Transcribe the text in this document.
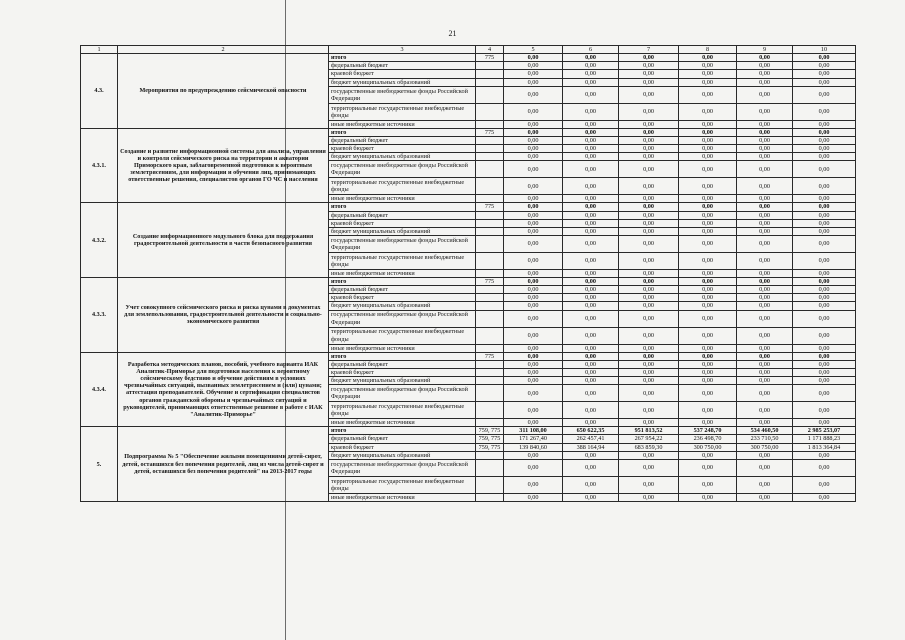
21
1	2	3	4	5	6	7	8	9	10
4.3.	Мероприятия по предупреждению сейсмической опасности	итого	775	0,00	0,00	0,00	0,00	0,00	0,00
		федеральный бюджет		0,00	0,00	0,00	0,00	0,00	0,00
		краевой бюджет		0,00	0,00	0,00	0,00	0,00	0,00
		бюджет муниципальных образований		0,00	0,00	0,00	0,00	0,00	0,00
		государственные внебюджетные фонды Российской Федерации		0,00	0,00	0,00	0,00	0,00	0,00
		территориальные государственные внебюджетные фонды		0,00	0,00	0,00	0,00	0,00	0,00
		иные внебюджетные источники		0,00	0,00	0,00	0,00	0,00	0,00
4.3.1.	Создание и развитие информационной системы для анализа, управления и контроля сейсмического риска на территории и акватории Приморского края, заблаговременной подготовки к вероятным землетрясениям, для информации и обучения лиц, принимающих ответственные решения, специалистов органов ГО ЧС и населения	итого	775	0,00	0,00	0,00	0,00	0,00	0,00
		федеральный бюджет		0,00	0,00	0,00	0,00	0,00	0,00
		краевой бюджет		0,00	0,00	0,00	0,00	0,00	0,00
		бюджет муниципальных образований		0,00	0,00	0,00	0,00	0,00	0,00
		государственные внебюджетные фонды Российской Федерации		0,00	0,00	0,00	0,00	0,00	0,00
		территориальные государственные внебюджетные фонды		0,00	0,00	0,00	0,00	0,00	0,00
		иные внебюджетные источники		0,00	0,00	0,00	0,00	0,00	0,00
4.3.2.	Создание информационного модульного блока для поддержания градостроительной деятельности в части безопасного развития	итого	775	0,00	0,00	0,00	0,00	0,00	0,00
		федеральный бюджет		0,00	0,00	0,00	0,00	0,00	0,00
		краевой бюджет		0,00	0,00	0,00	0,00	0,00	0,00
		бюджет муниципальных образований		0,00	0,00	0,00	0,00	0,00	0,00
		государственные внебюджетные фонды Российской Федерации		0,00	0,00	0,00	0,00	0,00	0,00
		территориальные государственные внебюджетные фонды		0,00	0,00	0,00	0,00	0,00	0,00
		иные внебюджетные источники		0,00	0,00	0,00	0,00	0,00	0,00
4.3.3.	Учет совокупного сейсмического риска и риска цунами в документах для землепользования, градостроительной деятельности и социально-экономического развития	итого	775	0,00	0,00	0,00	0,00	0,00	0,00
		федеральный бюджет		0,00	0,00	0,00	0,00	0,00	0,00
		краевой бюджет		0,00	0,00	0,00	0,00	0,00	0,00
		бюджет муниципальных образований		0,00	0,00	0,00	0,00	0,00	0,00
		государственные внебюджетные фонды Российской Федерации		0,00	0,00	0,00	0,00	0,00	0,00
		территориальные государственные внебюджетные фонды		0,00	0,00	0,00	0,00	0,00	0,00
		иные внебюджетные источники		0,00	0,00	0,00	0,00	0,00	0,00
4.3.4.	Разработка методических планов, пособий, учебного варианта ИАК Аналитик-Приморье для подготовки населения к вероятному сейсмическому бедствию и обучение действиям в условиях чрезвычайных ситуаций, вызванных землетрясением и (или) цунами; аттестация преподавателей. Обучение и сертификация специалистов органов гражданской обороны и чрезвычайных ситуаций и руководителей, принимающих ответственные решение в работе с ИАК "Аналитик-Приморье"	итого	775	0,00	0,00	0,00	0,00	0,00	0,00
		федеральный бюджет		0,00	0,00	0,00	0,00	0,00	0,00
		краевой бюджет		0,00	0,00	0,00	0,00	0,00	0,00
		бюджет муниципальных образований		0,00	0,00	0,00	0,00	0,00	0,00
		государственные внебюджетные фонды Российской Федерации		0,00	0,00	0,00	0,00	0,00	0,00
		территориальные государственные внебюджетные фонды		0,00	0,00	0,00	0,00	0,00	0,00
		иные внебюджетные источники		0,00	0,00	0,00	0,00	0,00	0,00
5.	Подпрограмма № 5 "Обеспечение жилыми помещениями детей-сирот, детей, оставшихся без попечения родителей, лиц из числа детей-сирот и детей, оставшихся без попечения родителей" на 2013-2017 годы	итого	759, 775	311 108,00	650 622,35	951 813,52	537 248,70	534 460,50	2 985 253,07
		федеральный бюджет	759, 775	171 267,40	262 457,41	267 954,22	236 498,70	233 710,50	1 171 888,23
		краевой бюджет	759, 775	139 840,60	388 164,94	683 859,30	300 750,00	300 750,00	1 813 364,84
		бюджет муниципальных образований		0,00	0,00	0,00	0,00	0,00	0,00
		государственные внебюджетные фонды Российской Федерации		0,00	0,00	0,00	0,00	0,00	0,00
		территориальные государственные внебюджетные фонды		0,00	0,00	0,00	0,00	0,00	0,00
		иные внебюджетные источники		0,00	0,00	0,00	0,00	0,00	0,00
